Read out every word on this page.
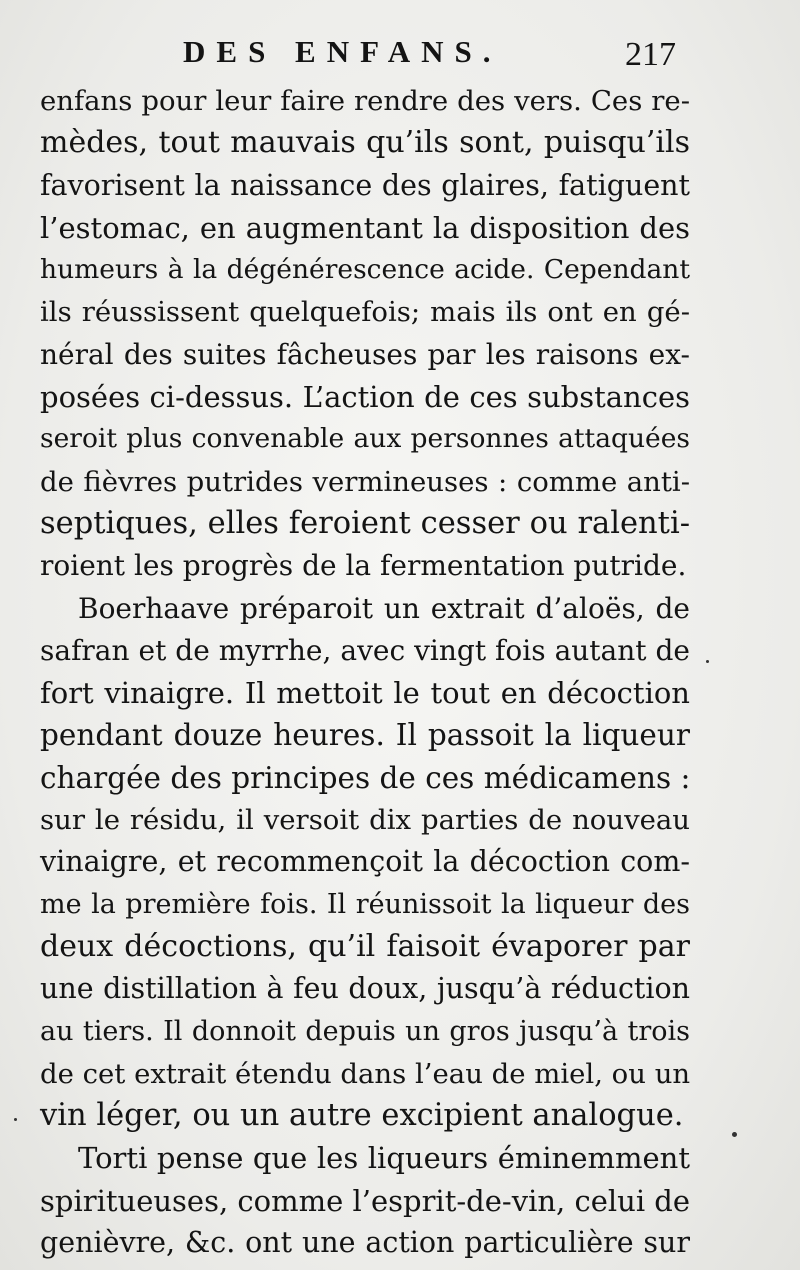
DES ENFANS.	217
enfans pour leur faire rendre des vers. Ces re-
mèdes, tout mauvais qu’ils sont, puisqu’ils
favorisent la naissance des glaires, fatiguent
l’estomac, en augmentant la disposition des
humeurs à la dégénérescence acide. Cependant
ils réussissent quelquefois; mais ils ont en gé-
néral des suites fâcheuses par les raisons ex-
posées ci-dessus. L’action de ces substances
seroit plus convenable aux personnes attaquées
de fièvres putrides vermineuses : comme anti-
septiques, elles feroient cesser ou ralenti-
roient les progrès de la fermentation putride.
Boerhaave préparoit un extrait d’aloës, de
safran et de myrrhe, avec vingt fois autant de
fort vinaigre. Il mettoit le tout en décoction
pendant douze heures. Il passoit la liqueur
chargée des principes de ces médicamens :
sur le résidu, il versoit dix parties de nouveau
vinaigre, et recommençoit la décoction com-
me la première fois. Il réunissoit la liqueur des
deux décoctions, qu’il faisoit évaporer par
une distillation à feu doux, jusqu’à réduction
au tiers. Il donnoit depuis un gros jusqu’à trois
de cet extrait étendu dans l’eau de miel, ou un
vin léger, ou un autre excipient analogue.
Torti pense que les liqueurs éminemment
spiritueuses, comme l’esprit-de-vin, celui de
genièvre, &c. ont une action particulière sur
